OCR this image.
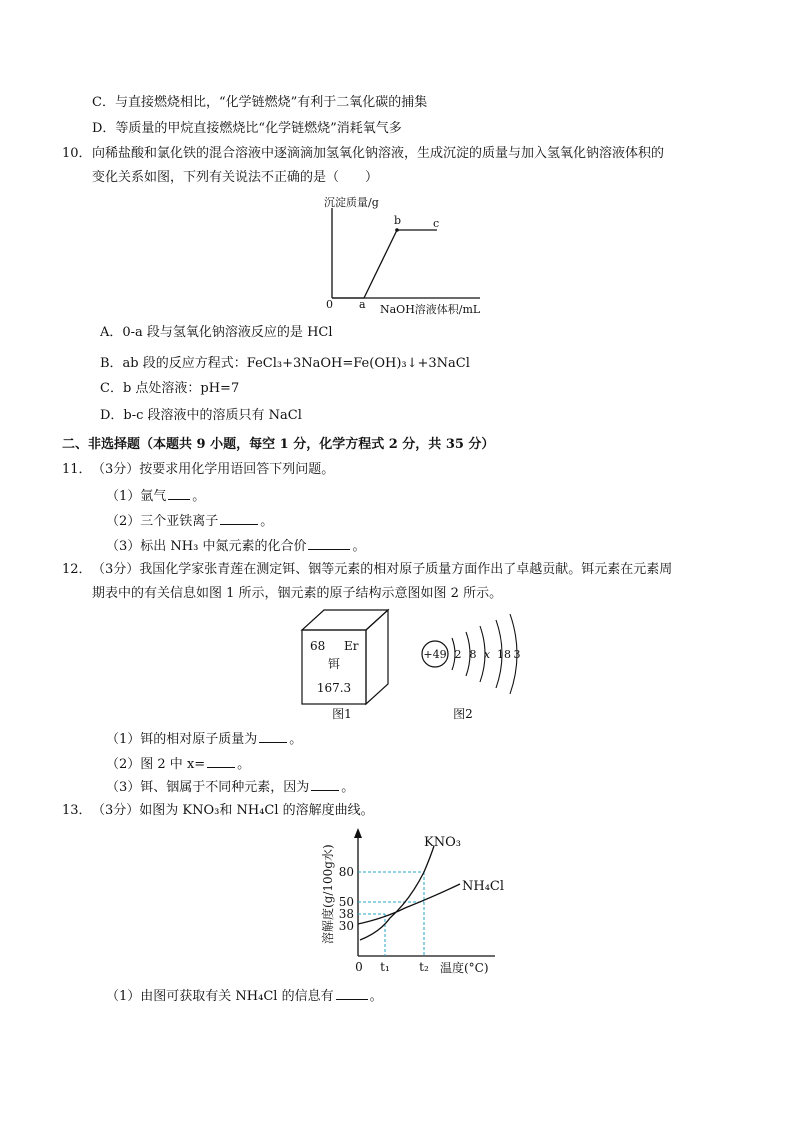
C．与直接燃烧相比，“化学链燃烧”有利于二氧化碳的捕集
D．等质量的甲烷直接燃烧比“化学链燃烧”消耗氧气多
10． 向稀盐酸和氯化铁的混合溶液中逐滴滴加氢氧化钠溶液，生成沉淀的质量与加入氢氧化钠溶液体积的
变化关系如图，下列有关说法不正确的是（　　）
沉淀质量/g
0 a
b	c
NaOH溶液体积/mL
A．0-a 段与氢氧化钠溶液反应的是 HCl
B．ab 段的反应方程式：FeCl₃+3NaOH=Fe(OH)₃↓+3NaCl
C．b 点处溶液：pH=7
D．b-c 段溶液中的溶质只有 NaCl
二、非选择题（本题共 9 小题，每空 1 分，化学方程式 2 分，共 35 分）
11． （3分）按要求用化学用语回答下列问题。
（1）氩气 。
（2）三个亚铁离子	。
（3）标出 NH₃ 中氮元素的化合价	。
12． （3分）我国化学家张青莲在测定铒、铟等元素的相对原子质量方面作出了卓越贡献。铒元素在元素周
期表中的有关信息如图 1 所示，铟元素的原子结构示意图如图 2 所示。
68 Er
铒
167.3
图1
+49 2 8 x 18 3
图2
（1）铒的相对原子质量为 。
（2）图 2 中 x= 。
（3）铒、铟属于不同种元素，因为 。
13． （3分）如图为 KNO₃和 NH₄Cl 的溶解度曲线。
80
50
38
30
0 t₁ t₂ 温度(°C)
溶解度(g/100g水)
KNO₃
NH₄Cl
（1）由图可获取有关 NH₄Cl 的信息有	。
